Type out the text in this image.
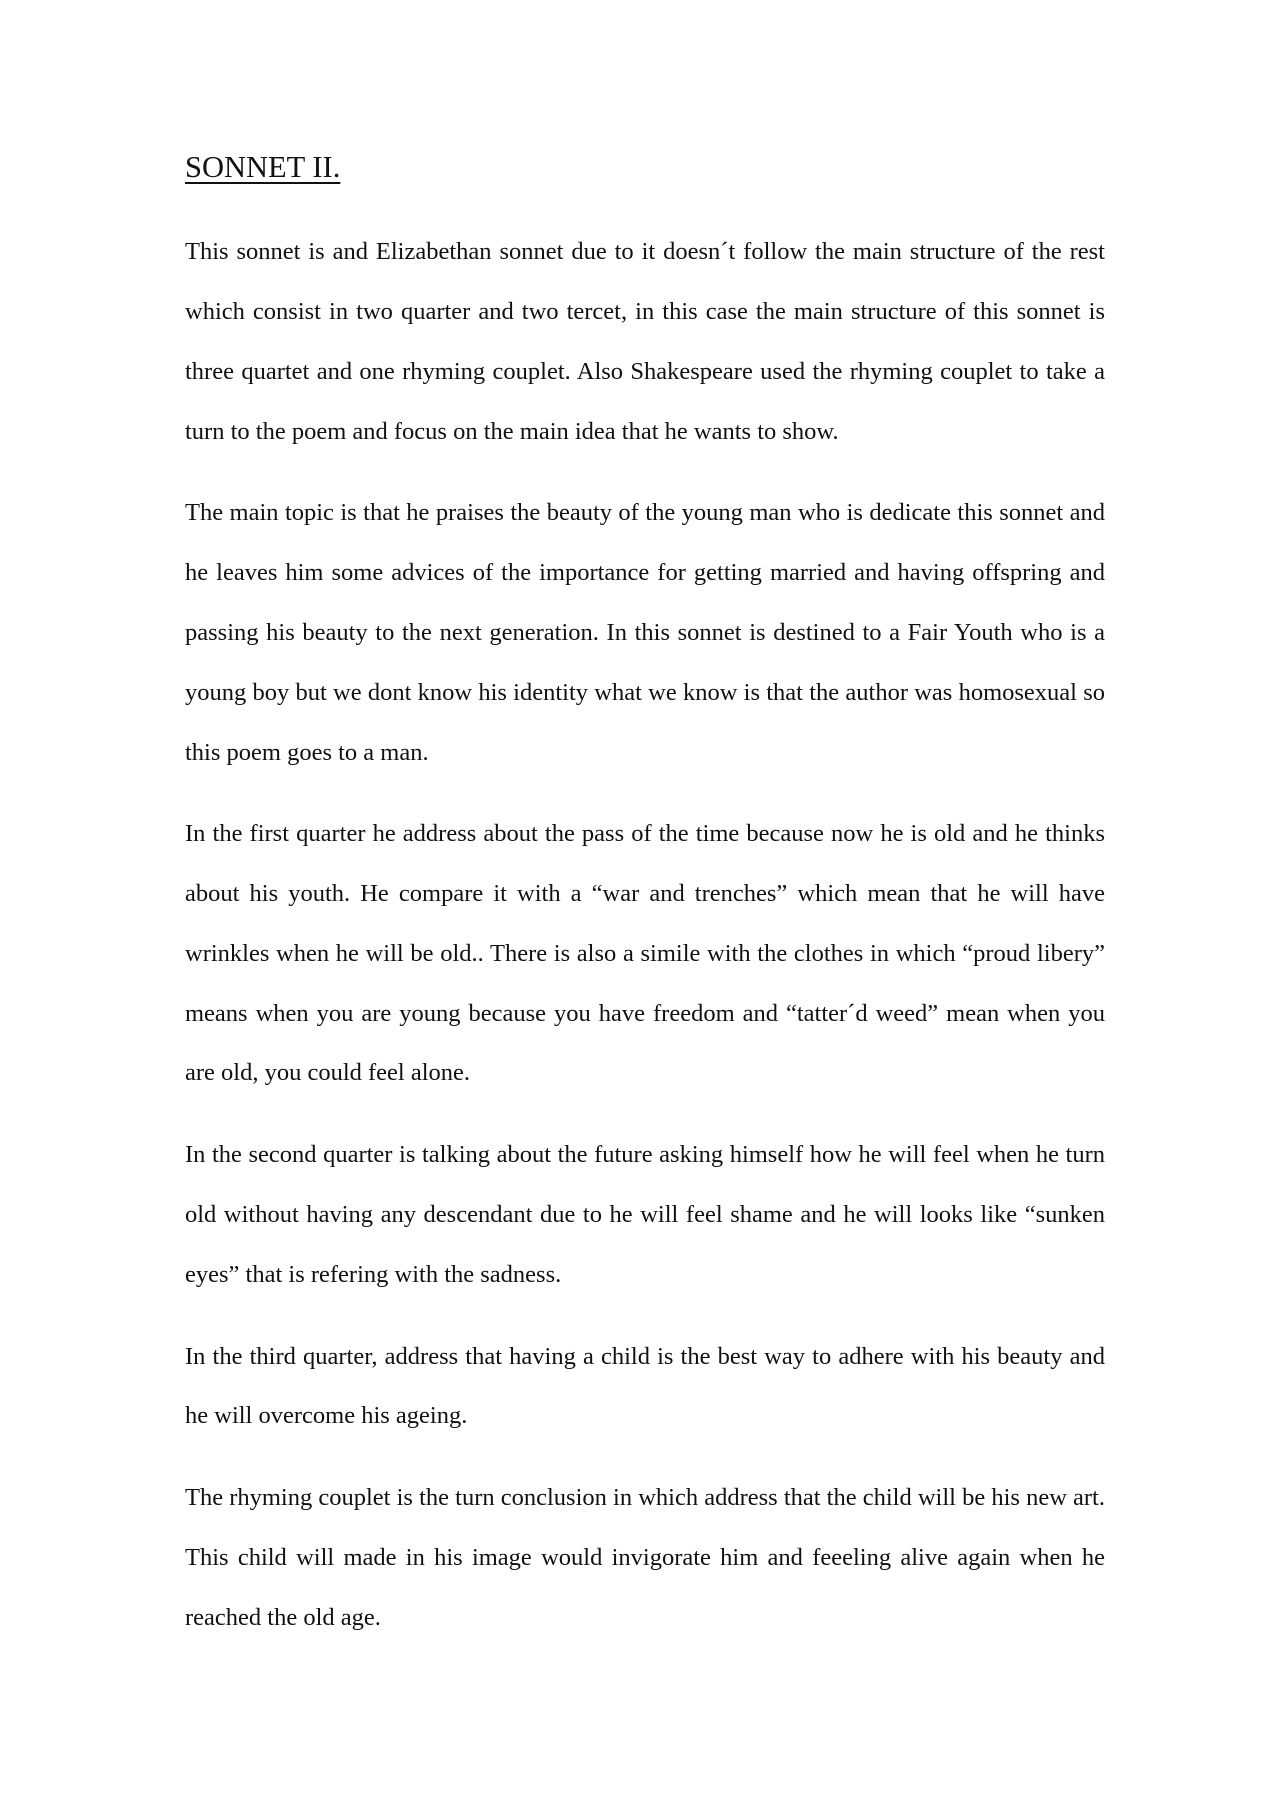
SONNET II.

This sonnet is and Elizabethan sonnet due to it doesn´t follow the main structure of the rest which consist in two quarter and two tercet, in this case the main structure of this sonnet is three quartet and one rhyming couplet. Also Shakespeare used the rhyming couplet to take a turn to the poem and focus on the main idea that he wants to show.

The main topic is that he praises the beauty of the young man who is dedicate this sonnet and he leaves him some advices of the importance for getting married and having offspring and passing his beauty to the next generation. In this sonnet is destined to a Fair Youth who is a young boy but we dont know his identity what we know is that the author was homosexual so this poem goes to a man.

In the first quarter he address about the pass of the time because now he is old and he thinks about his youth. He compare it with a “war and trenches” which mean that he will have wrinkles when he will be old.. There is also a simile with the clothes in which “proud libery” means when you are young because you have freedom and “tatter´d weed” mean when you are old, you could feel alone.

In the second quarter is talking about the future asking himself how he will feel when he turn old without having any descendant due to he will feel shame and he will looks like “sunken eyes” that is refering with the sadness.

In the third quarter, address that having a child is the best way to adhere with his beauty and he will overcome his ageing.

The rhyming couplet is the turn conclusion in which address that the child will be his new art. This child will made in his image would invigorate him and feeeling alive again when he reached the old age.
